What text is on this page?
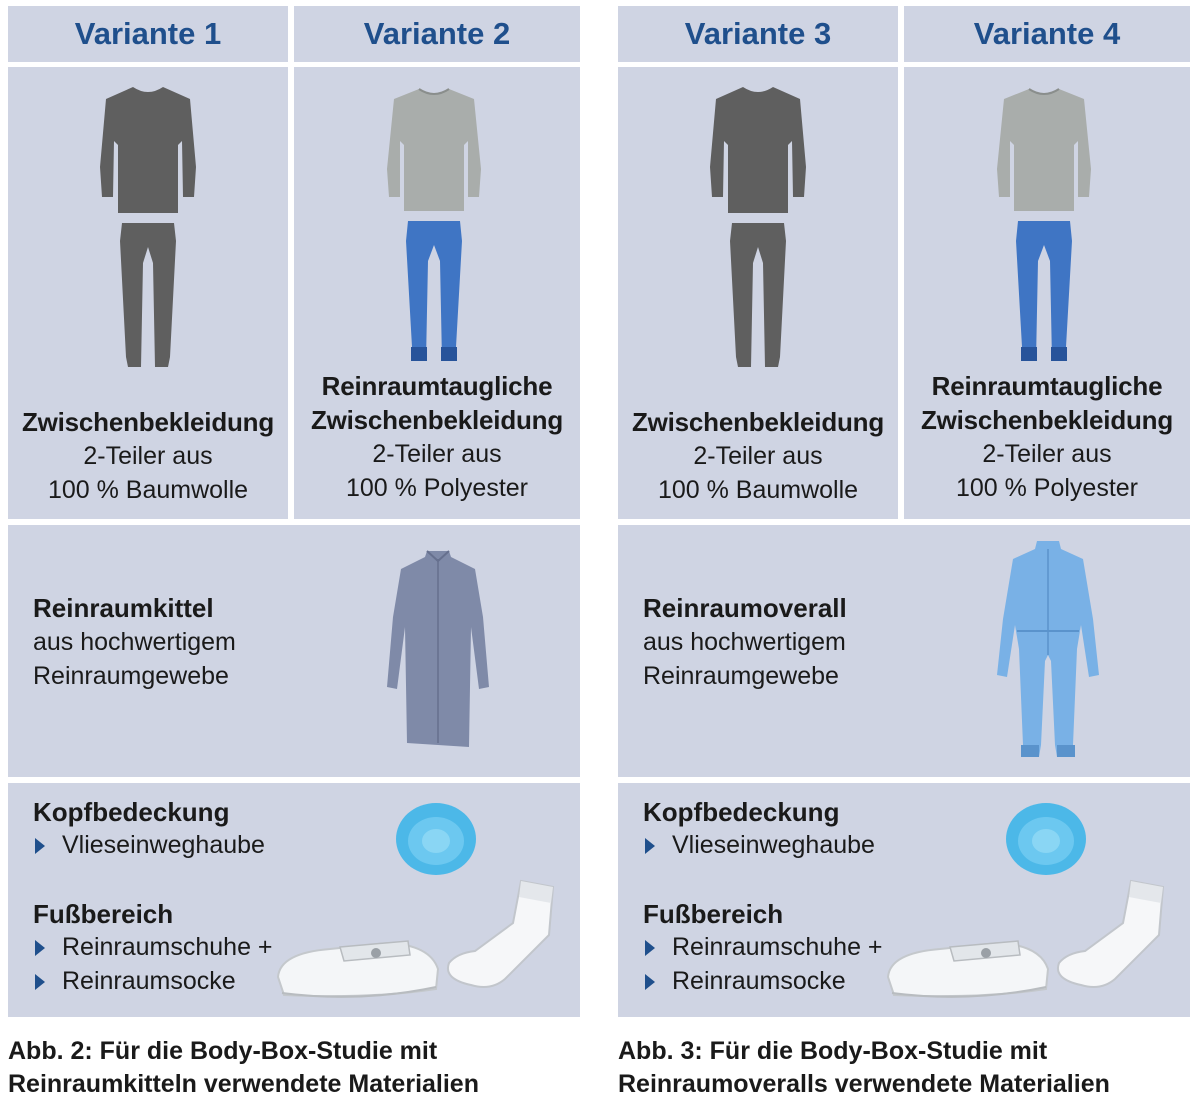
Variante 1	Variante 2
Zwischenbekleidung
2-Teiler aus
100 % Baumwolle
Reinraumtaugliche
Zwischenbekleidung
2-Teiler aus
100 % Polyester
Reinraumkittel
aus hochwertigem
Reinraumgewebe
Kopfbedeckung
Vlieseinweghaube
Fußbereich
Reinraumschuhe +
Reinraumsocke
Abb. 2: Für die Body-Box-Studie mit
Reinraumkitteln verwendete Materialien
Variante 3	Variante 4
Zwischenbekleidung
2-Teiler aus
100 % Baumwolle
Reinraumtaugliche
Zwischenbekleidung
2-Teiler aus
100 % Polyester
Reinraumoverall
aus hochwertigem
Reinraumgewebe
Kopfbedeckung
Vlieseinweghaube
Fußbereich
Reinraumschuhe +
Reinraumsocke
Abb. 3: Für die Body-Box-Studie mit
Reinraumoveralls verwendete Materialien
